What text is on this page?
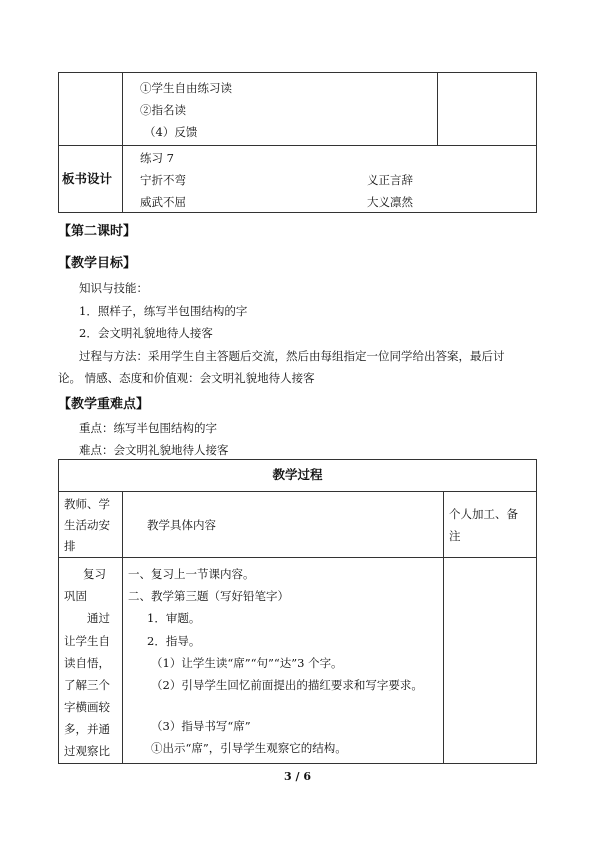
①学生自由练习读
②指名读
（4）反馈
板书设计
练习 7
宁折不弯	义正言辞
威武不屈	大义凛然
【第二课时】
【教学目标】
知识与技能：
1．照样子，练写半包围结构的字
2．会文明礼貌地待人接客
过程与方法：采用学生自主答题后交流，然后由每组指定一位同学给出答案，最后讨
论。 情感、态度和价值观：会文明礼貌地待人接客
【教学重难点】
重点：练写半包围结构的字
难点：会文明礼貌地待人接客
教学过程
教师、学
生活动安
排
教学具体内容
个人加工、备
注
复习
巩固
通过
让学生自
读自悟，
了解三个
字横画较
多，并通
过观察比
一、复习上一节课内容。
二、教学第三题（写好铅笔字）
1．审题。
2．指导。
（1）让学生读“席”“句”“达”3 个字。
（2）引导学生回忆前面提出的描红要求和写字要求。
（3）指导书写“席”
①出示“席”，引导学生观察它的结构。
3 / 6
